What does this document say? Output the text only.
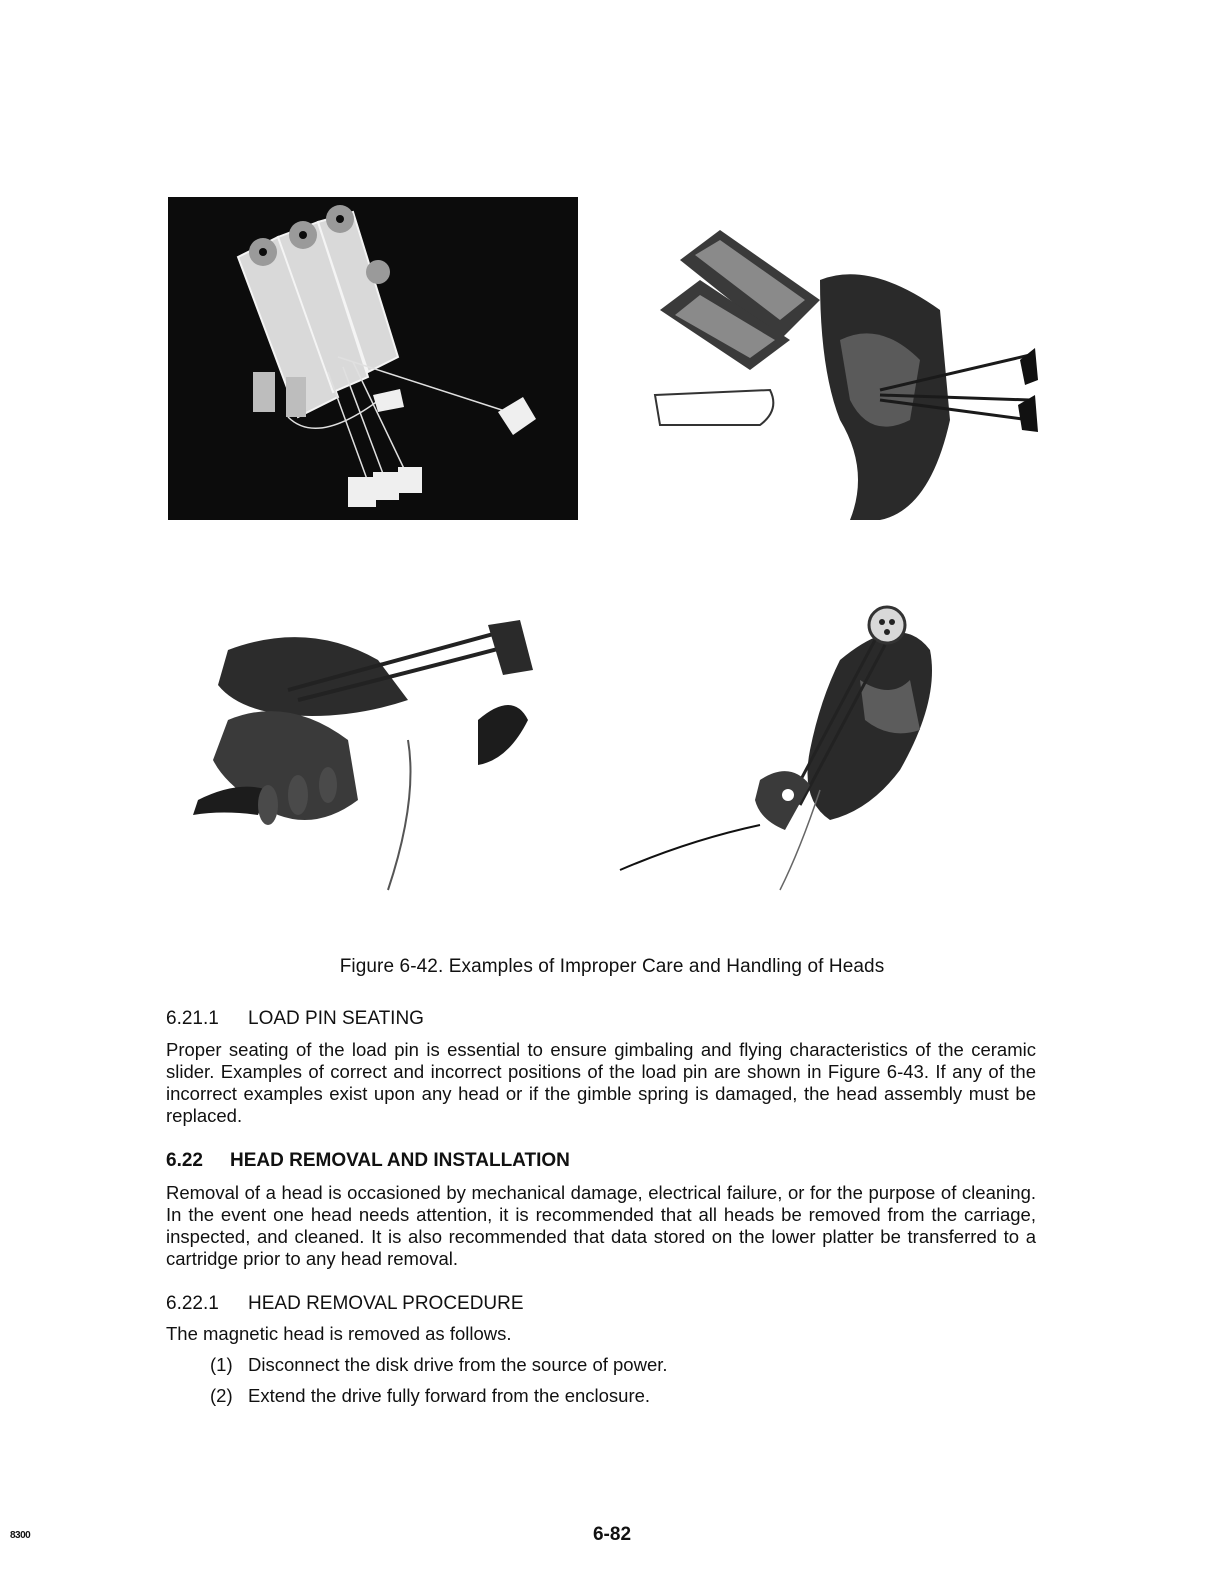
Figure 6-42. Examples of Improper Care and Handling of Heads
6.21.1 LOAD PIN SEATING
Proper seating of the load pin is essential to ensure gimbaling and flying characteristics of the ceramic slider. Examples of correct and incorrect positions of the load pin are shown in Figure 6-43. If any of the incorrect examples exist upon any head or if the gimble spring is damaged, the head assembly must be replaced.
6.22 HEAD REMOVAL AND INSTALLATION
Removal of a head is occasioned by mechanical damage, electrical failure, or for the purpose of cleaning. In the event one head needs attention, it is recommended that all heads be removed from the carriage, inspected, and cleaned. It is also recommended that data stored on the lower platter be transferred to a cartridge prior to any head removal.
6.22.1 HEAD REMOVAL PROCEDURE
The magnetic head is removed as follows.
(1) Disconnect the disk drive from the source of power.
(2) Extend the drive fully forward from the enclosure.
8300	6-82
